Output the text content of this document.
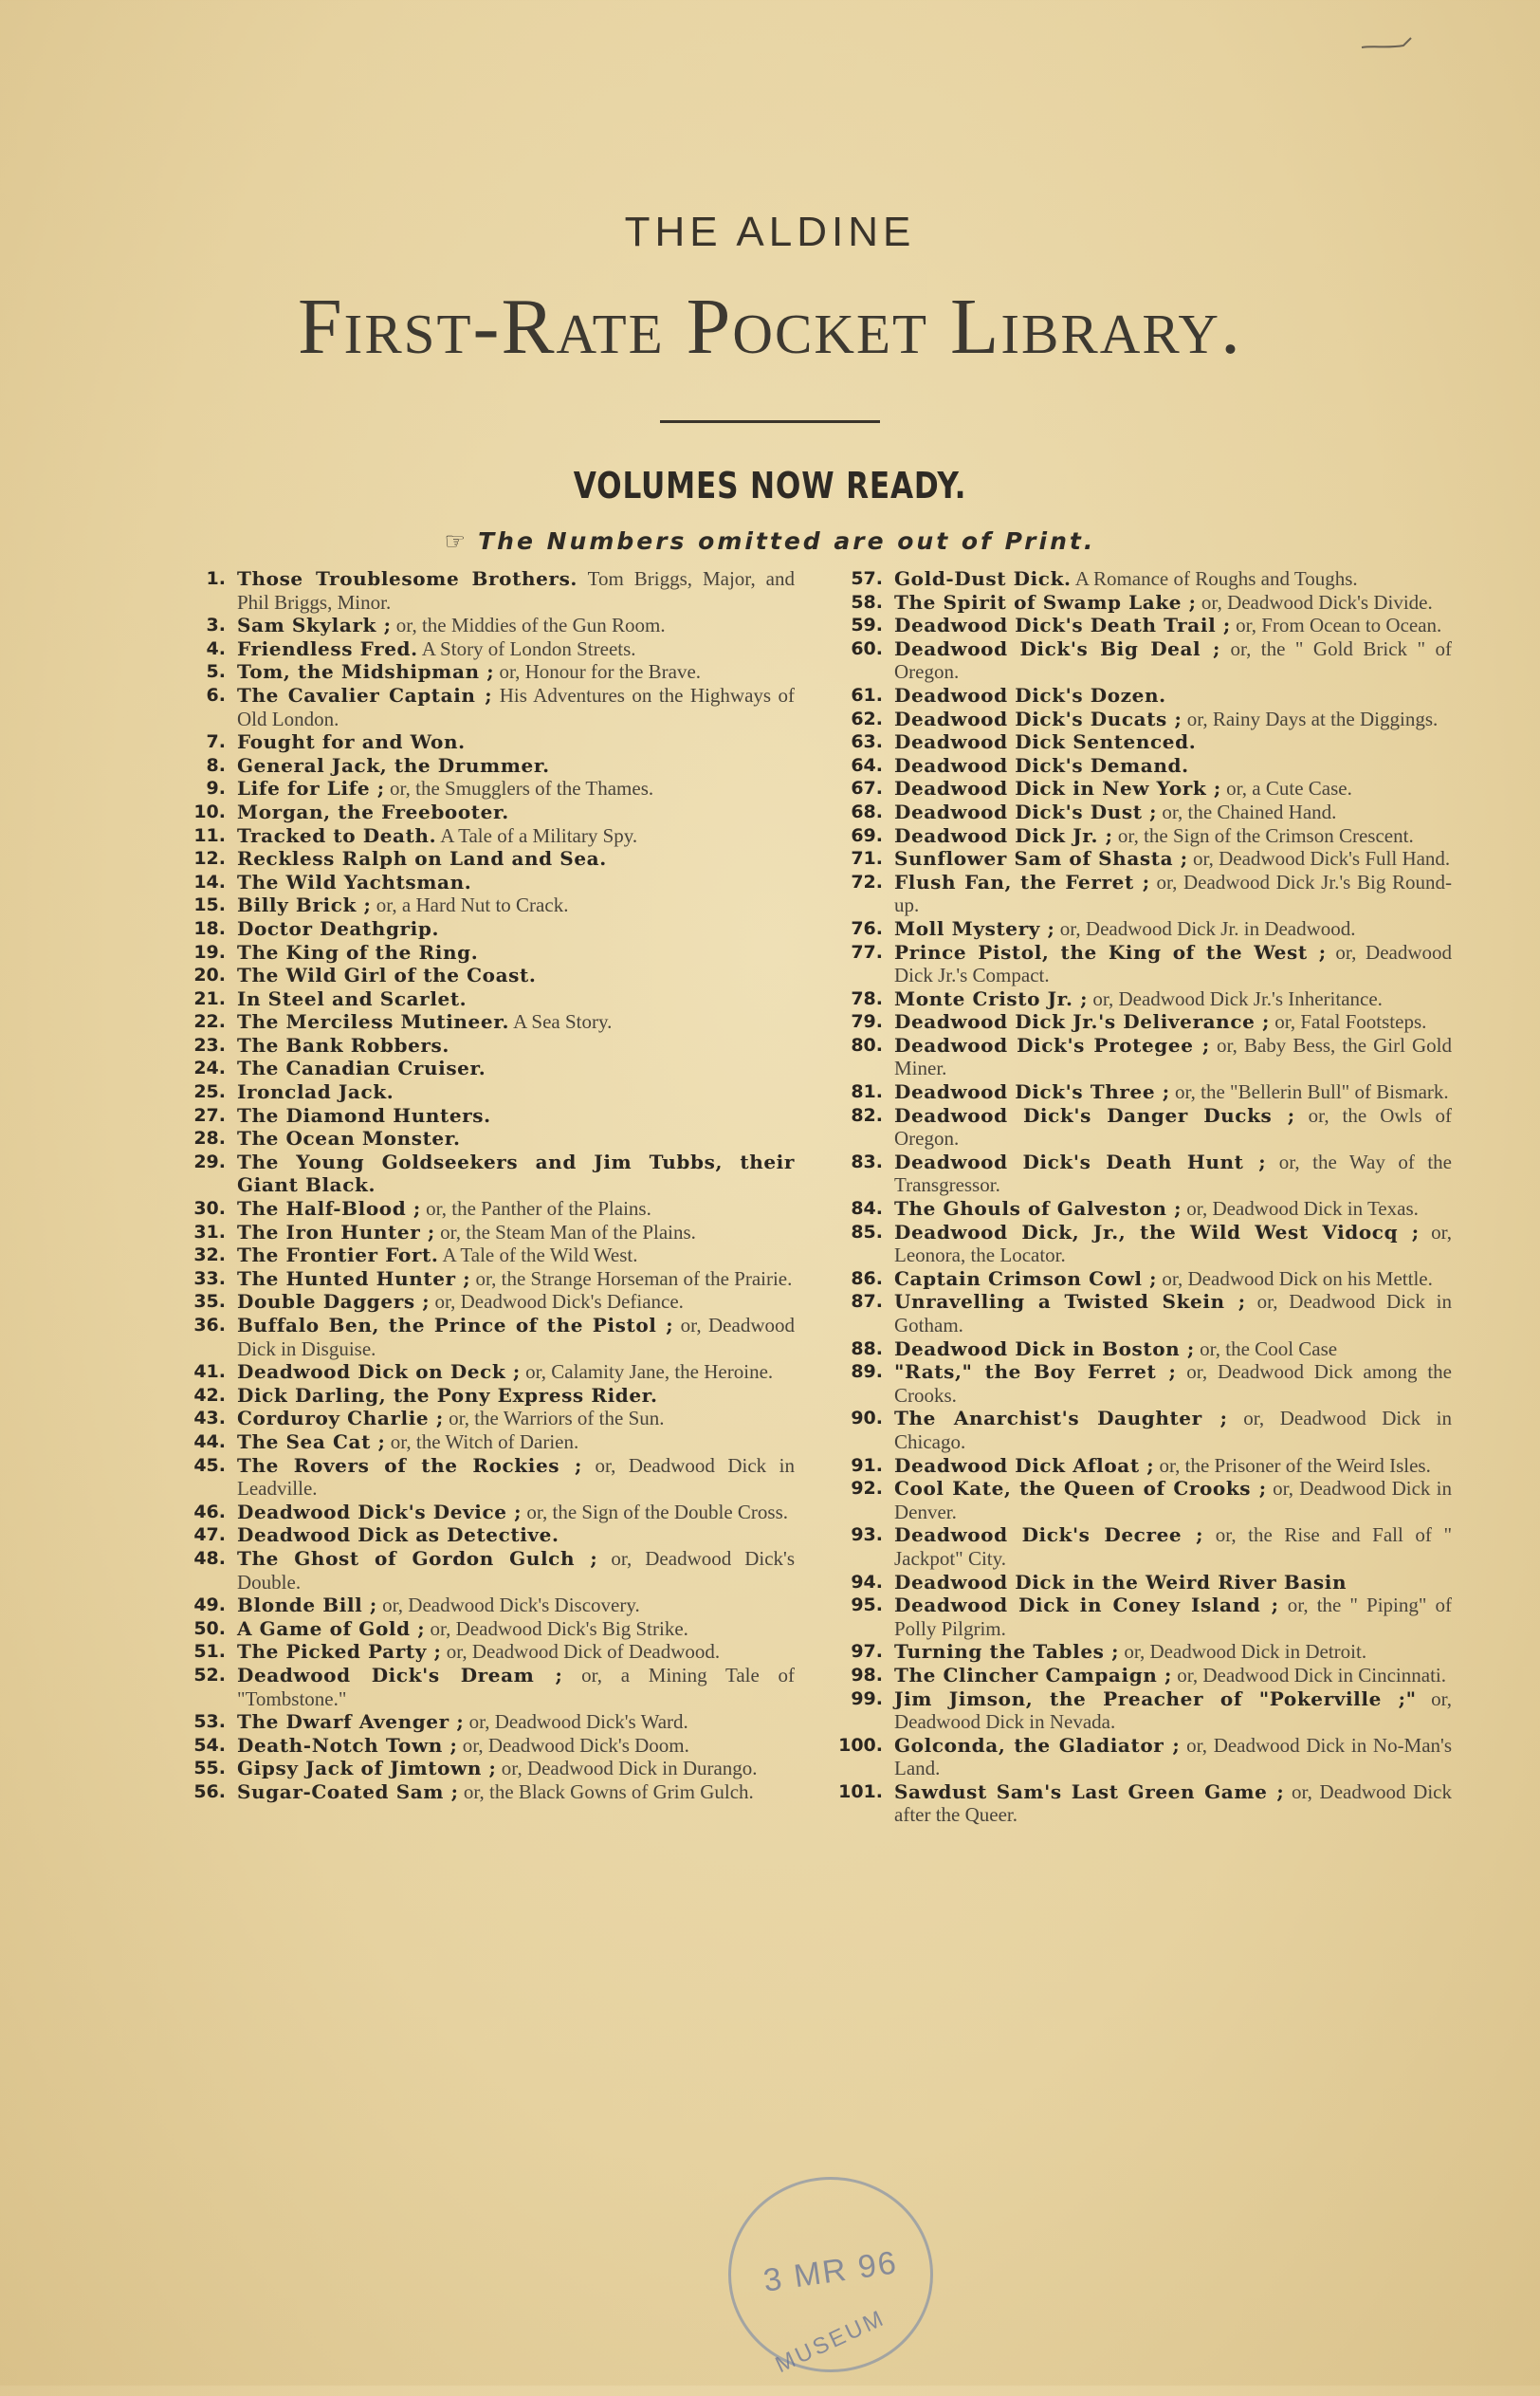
THE ALDINE

First-Rate Pocket Library.
VOLUMES NOW READY.

☞ The Numbers omitted are out of Print.

1. Those Troublesome Brothers. Tom Briggs, Major, and Phil Briggs, Minor.
3. Sam Skylark ; or, the Middies of the Gun Room.
4. Friendless Fred. A Story of London Streets.
5. Tom, the Midshipman ; or, Honour for the Brave.
6. The Cavalier Captain ; His Adventures on the Highways of Old London.
7. Fought for and Won.
8. General Jack, the Drummer.
9. Life for Life ; or, the Smugglers of the Thames.
10. Morgan, the Freebooter.
11. Tracked to Death. A Tale of a Military Spy.
12. Reckless Ralph on Land and Sea.
14. The Wild Yachtsman.
15. Billy Brick ; or, a Hard Nut to Crack.
18. Doctor Deathgrip.
19. The King of the Ring.
20. The Wild Girl of the Coast.
21. In Steel and Scarlet.
22. The Merciless Mutineer. A Sea Story.
23. The Bank Robbers.
24. The Canadian Cruiser.
25. Ironclad Jack.
27. The Diamond Hunters.
28. The Ocean Monster.
29. The Young Goldseekers and Jim Tubbs, their Giant Black.
30. The Half-Blood ; or, the Panther of the Plains.
31. The Iron Hunter ; or, the Steam Man of the Plains.
32. The Frontier Fort. A Tale of the Wild West.
33. The Hunted Hunter ; or, the Strange Horseman of the Prairie.
35. Double Daggers ; or, Deadwood Dick's Defiance.
36. Buffalo Ben, the Prince of the Pistol ; or, Deadwood Dick in Disguise.
41. Deadwood Dick on Deck ; or, Calamity Jane, the Heroine.
42. Dick Darling, the Pony Express Rider.
43. Corduroy Charlie ; or, the Warriors of the Sun.
44. The Sea Cat ; or, the Witch of Darien.
45. The Rovers of the Rockies ; or, Deadwood Dick in Leadville.
46. Deadwood Dick's Device ; or, the Sign of the Double Cross.
47. Deadwood Dick as Detective.
48. The Ghost of Gordon Gulch ; or, Deadwood Dick's Double.
49. Blonde Bill ; or, Deadwood Dick's Discovery.
50. A Game of Gold ; or, Deadwood Dick's Big Strike.
51. The Picked Party ; or, Deadwood Dick of Deadwood.
52. Deadwood Dick's Dream ; or, a Mining Tale of "Tombstone."
53. The Dwarf Avenger ; or, Deadwood Dick's Ward.
54. Death-Notch Town ; or, Deadwood Dick's Doom.
55. Gipsy Jack of Jimtown ; or, Deadwood Dick in Durango.
56. Sugar-Coated Sam ; or, the Black Gowns of Grim Gulch.
57. Gold-Dust Dick. A Romance of Roughs and Toughs.
58. The Spirit of Swamp Lake ; or, Deadwood Dick's Divide.
59. Deadwood Dick's Death Trail ; or, From Ocean to Ocean.
60. Deadwood Dick's Big Deal ; or, the " Gold Brick " of Oregon.
61. Deadwood Dick's Dozen.
62. Deadwood Dick's Ducats ; or, Rainy Days at the Diggings.
63. Deadwood Dick Sentenced.
64. Deadwood Dick's Demand.
67. Deadwood Dick in New York ; or, a Cute Case.
68. Deadwood Dick's Dust ; or, the Chained Hand.
69. Deadwood Dick Jr. ; or, the Sign of the Crimson Crescent.
71. Sunflower Sam of Shasta ; or, Deadwood Dick's Full Hand.
72. Flush Fan, the Ferret ; or, Deadwood Dick Jr.'s Big Round-up.
76. Moll Mystery ; or, Deadwood Dick Jr. in Deadwood.
77. Prince Pistol, the King of the West ; or, Deadwood Dick Jr.'s Compact.
78. Monte Cristo Jr. ; or, Deadwood Dick Jr.'s Inheritance.
79. Deadwood Dick Jr.'s Deliverance ; or, Fatal Footsteps.
80. Deadwood Dick's Protegee ; or, Baby Bess, the Girl Gold Miner.
81. Deadwood Dick's Three ; or, the "Bellerin Bull" of Bismark.
82. Deadwood Dick's Danger Ducks ; or, the Owls of Oregon.
83. Deadwood Dick's Death Hunt ; or, the Way of the Transgressor.
84. The Ghouls of Galveston ; or, Deadwood Dick in Texas.
85. Deadwood Dick, Jr., the Wild West Vidocq ; or, Leonora, the Locator.
86. Captain Crimson Cowl ; or, Deadwood Dick on his Mettle.
87. Unravelling a Twisted Skein ; or, Deadwood Dick in Gotham.
88. Deadwood Dick in Boston ; or, the Cool Case
89. "Rats," the Boy Ferret ; or, Deadwood Dick among the Crooks.
90. The Anarchist's Daughter ; or, Deadwood Dick in Chicago.
91. Deadwood Dick Afloat ; or, the Prisoner of the Weird Isles.
92. Cool Kate, the Queen of Crooks ; or, Deadwood Dick in Denver.
93. Deadwood Dick's Decree ; or, the Rise and Fall of " Jackpot" City.
94. Deadwood Dick in the Weird River Basin
95. Deadwood Dick in Coney Island ; or, the " Piping" of Polly Pilgrim.
97. Turning the Tables ; or, Deadwood Dick in Detroit.
98. The Clincher Campaign ; or, Deadwood Dick in Cincinnati.
99. Jim Jimson, the Preacher of "Pokerville ;" or, Deadwood Dick in Nevada.
100. Golconda, the Gladiator ; or, Deadwood Dick in No-Man's Land.
101. Sawdust Sam's Last Green Game ; or, Deadwood Dick after the Queer.
3 MR 96
MUSEUM
